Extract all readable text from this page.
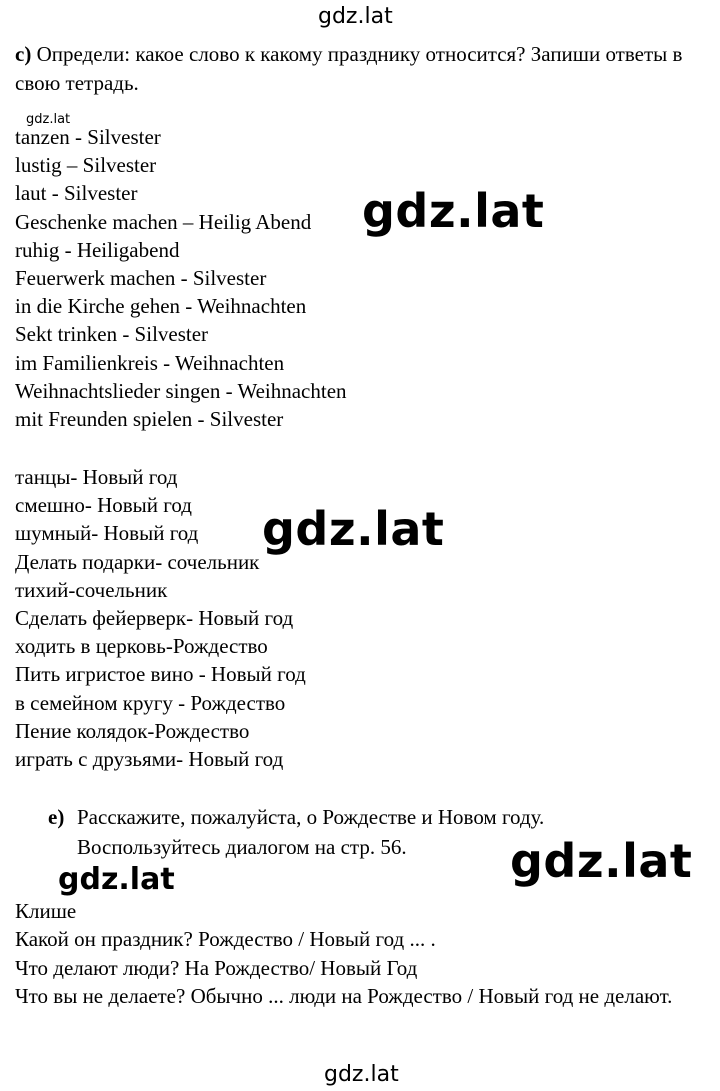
gdz.lat
gdz.lat
gdz.lat
gdz.lat
gdz.lat
gdz.lat
gdz.lat
c) Определи: какое слово к какому празднику относится? Запиши ответы в свою тетрадь.
tanzen - Silvester
lustig – Silvester
laut - Silvester
Geschenke machen – Heilig Abend
ruhig - Heiligabend
Feuerwerk machen - Silvester
in die Kirche gehen - Weihnachten
Sekt trinken - Silvester
im Familienkreis - Weihnachten
Weihnachtslieder singen - Weihnachten
mit Freunden spielen - Silvester
танцы- Новый год
смешно- Новый год
шумный- Новый год
Делать подарки- сочельник
тихий-сочельник
Сделать фейерверк- Новый год
ходить в церковь-Рождество
Пить игристое вино - Новый год
в семейном кругу - Рождество
Пение колядок-Рождество
играть с друзьями- Новый год
e) Расскажите, пожалуйста, о Рождестве и Новом году.
Воспользуйтесь диалогом на стр. 56.
Клише
Какой он праздник? Рождество / Новый год ... .
Что делают люди? На Рождество/ Новый Год
Что вы не делаете? Обычно ... люди на Рождество / Новый год не делают.
